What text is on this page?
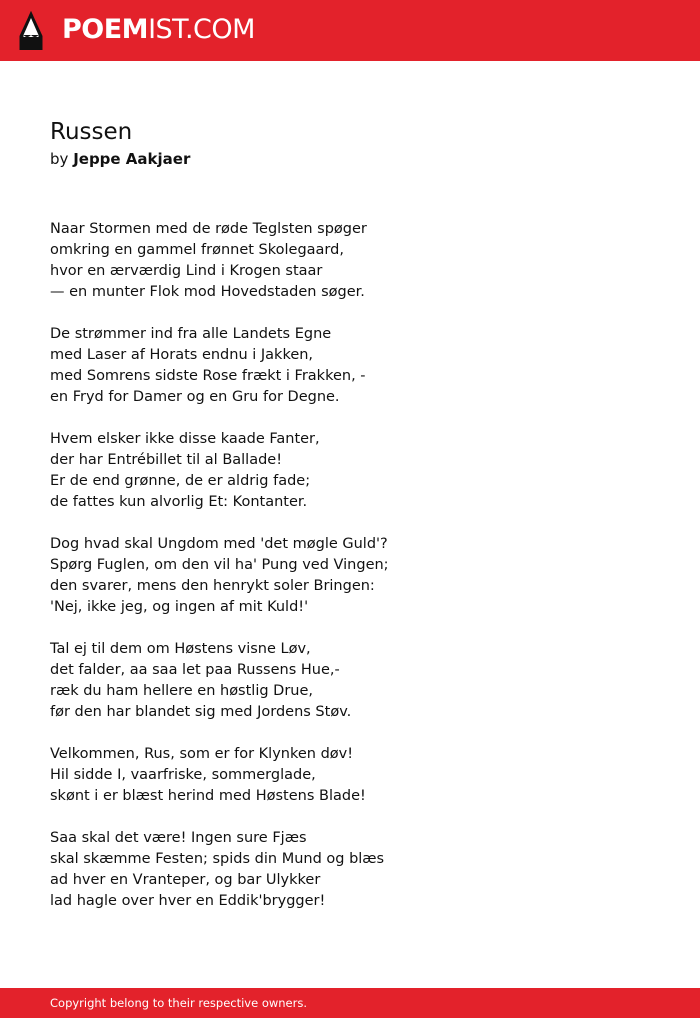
POEMIST.COM
Russen
by Jeppe Aakjaer

Naar Stormen med de røde Teglsten spøger
omkring en gammel frønnet Skolegaard,
hvor en ærværdig Lind i Krogen staar
— en munter Flok mod Hovedstaden søger.

De strømmer ind fra alle Landets Egne
med Laser af Horats endnu i Jakken,
med Somrens sidste Rose frækt i Frakken, -
en Fryd for Damer og en Gru for Degne.

Hvem elsker ikke disse kaade Fanter,
der har Entrébillet til al Ballade!
Er de end grønne, de er aldrig fade;
de fattes kun alvorlig Et: Kontanter.

Dog hvad skal Ungdom med 'det møgle Guld'?
Spørg Fuglen, om den vil ha' Pung ved Vingen;
den svarer, mens den henrykt soler Bringen:
'Nej, ikke jeg, og ingen af mit Kuld!'

Tal ej til dem om Høstens visne Løv,
det falder, aa saa let paa Russens Hue,-
ræk du ham hellere en høstlig Drue,
før den har blandet sig med Jordens Støv.

Velkommen, Rus, som er for Klynken døv!
Hil sidde I, vaarfriske, sommerglade,
skønt i er blæst herind med Høstens Blade!

Saa skal det være! Ingen sure Fjæs
skal skæmme Festen; spids din Mund og blæs
ad hver en Vranteper, og bar Ulykker
lad hagle over hver en Eddik'brygger!

Copyright belong to their respective owners.
